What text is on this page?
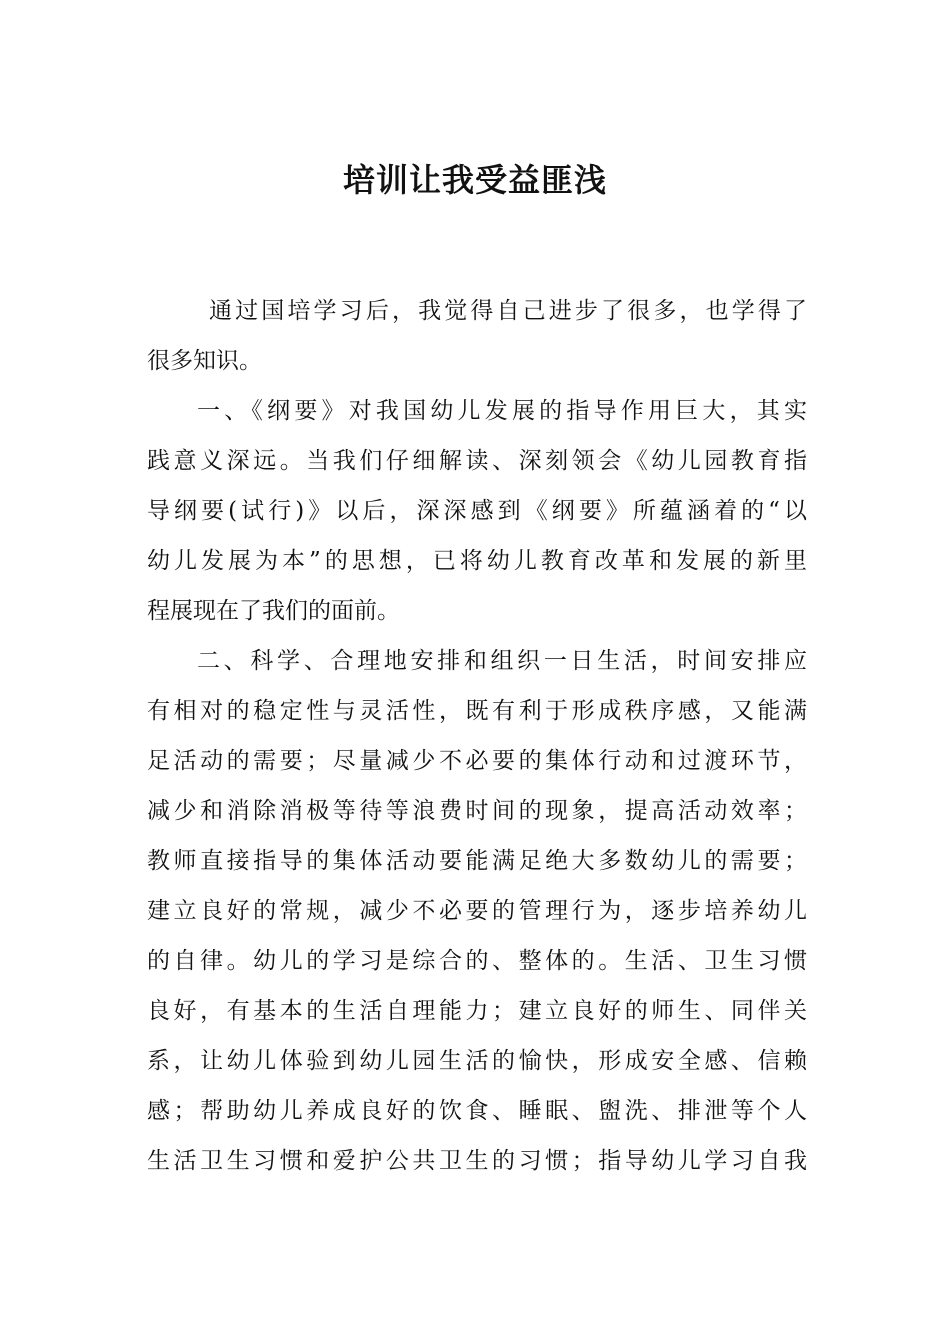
培训让我受益匪浅
通过国培学习后，我觉得自己进步了很多，也学得了
很多知识。
一、《纲要》对我国幼儿发展的指导作用巨大，其实
践意义深远。当我们仔细解读、深刻领会《幼儿园教育指
导纲要(试行)》以后，深深感到《纲要》所蕴涵着的“以
幼儿发展为本”的思想，已将幼儿教育改革和发展的新里
程展现在了我们的面前。
二、科学、合理地安排和组织一日生活，时间安排应
有相对的稳定性与灵活性，既有利于形成秩序感，又能满
足活动的需要；尽量减少不必要的集体行动和过渡环节，
减少和消除消极等待等浪费时间的现象，提高活动效率；
教师直接指导的集体活动要能满足绝大多数幼儿的需要；
建立良好的常规，减少不必要的管理行为，逐步培养幼儿
的自律。幼儿的学习是综合的、整体的。生活、卫生习惯
良好，有基本的生活自理能力；建立良好的师生、同伴关
系，让幼儿体验到幼儿园生活的愉快，形成安全感、信赖
感；帮助幼儿养成良好的饮食、睡眠、盥洗、排泄等个人
生活卫生习惯和爱护公共卫生的习惯；指导幼儿学习自我
